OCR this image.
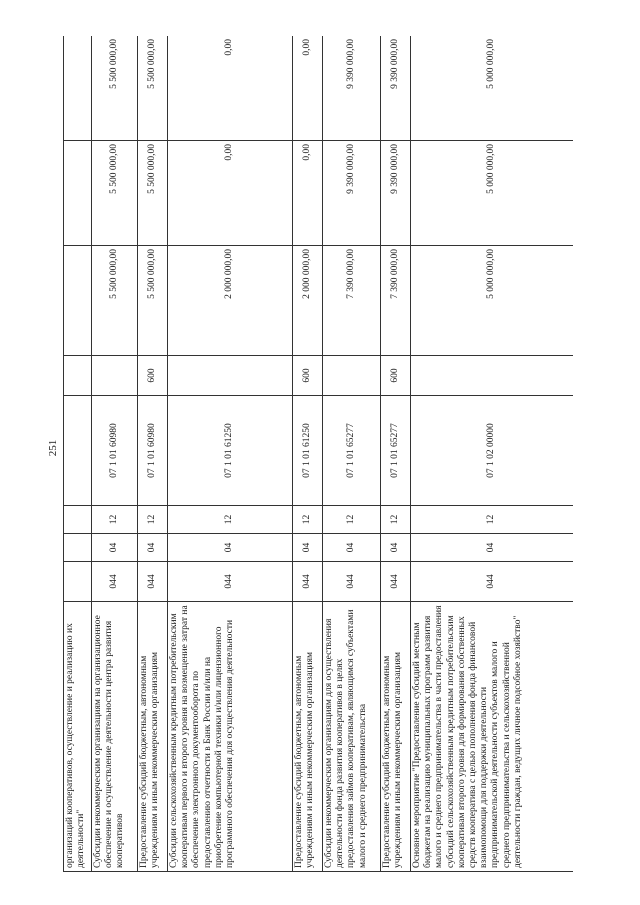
251
организаций кооперативов, осуществление и реализацию их деятельности"								
Субсидии некоммерческим организациям на организационное обеспечение и осуществление деятельности центра развития кооперативов	044	04	12	07 1 01 60980		5 500 000,00	5 500 000,00	5 500 000,00
Предоставление субсидий бюджетным, автономным учреждениям и иным некоммерческим организациям	044	04	12	07 1 01 60980	600	5 500 000,00	5 500 000,00	5 500 000,00
Субсидии сельскохозяйственным кредитным потребительским кооперативам первого и второго уровня на возмещение затрат на обеспечение электронного документооборота по предоставлению отчетности в Банк России и/или на приобретение компьютерной техники и/или лицензионного программного обеспечения для осуществления деятельности	044	04	12	07 1 01 61250		2 000 000,00	0,00	0,00
Предоставление субсидий бюджетным, автономным учреждениям и иным некоммерческим организациям	044	04	12	07 1 01 61250	600	2 000 000,00	0,00	0,00
Субсидии некоммерческим организациям для осуществления деятельности фонда развития кооперативов в целях предоставления займов кооперативам, являющимся субъектами малого и среднего предпринимательства	044	04	12	07 1 01 65277		7 390 000,00	9 390 000,00	9 390 000,00
Предоставление субсидий бюджетным, автономным учреждениям и иным некоммерческим организациям	044	04	12	07 1 01 65277	600	7 390 000,00	9 390 000,00	9 390 000,00
Основное мероприятие "Предоставление субсидий местным бюджетам на реализацию муниципальных программ развития малого и среднего предпринимательства в части предоставления субсидий сельскохозяйственным кредитным потребительским кооперативам второго уровня для формирования собственных средств кооператива с целью пополнения фонда финансовой взаимопомощи для поддержки деятельности предпринимательской деятельности субъектов малого и среднего предпринимательства и сельскохозяйственной деятельности граждан, ведущих личное подсобное хозяйство"	044	04	12	07 1 02 00000		5 000 000,00	5 000 000,00	5 000 000,00
